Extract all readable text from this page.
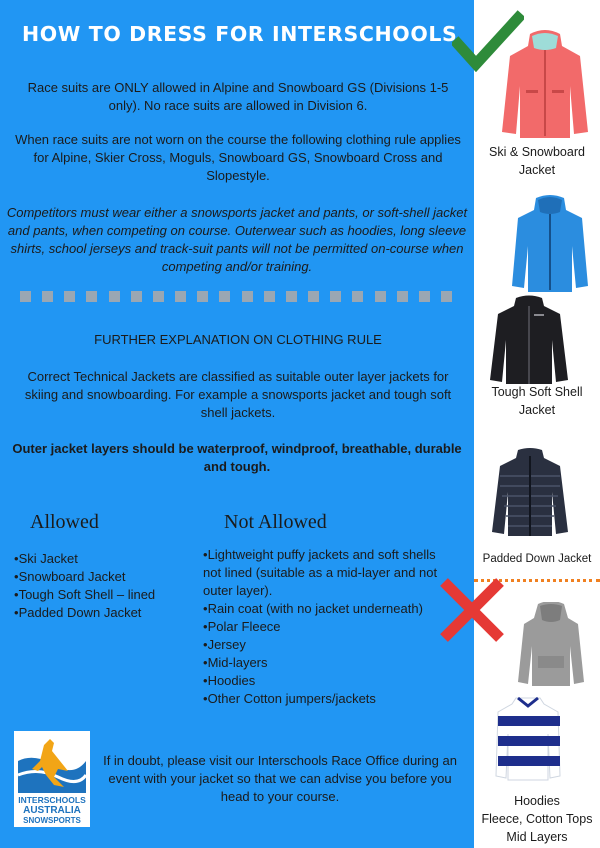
HOW TO DRESS FOR INTERSCHOOLS
Race suits are ONLY allowed in Alpine and Snowboard GS (Divisions 1-5 only). No race suits are allowed in Division 6.
When race suits are not worn on the course the following clothing rule applies for Alpine, Skier Cross, Moguls, Snowboard GS, Snowboard Cross and Slopestyle.
Competitors must wear either a snowsports jacket and pants, or soft-shell jacket and pants, when competing on course. Outerwear such as hoodies, long sleeve shirts, school jerseys and track-suit pants will not be permitted on-course when competing and/or training.
FURTHER EXPLANATION ON CLOTHING RULE
Correct Technical Jackets are classified as suitable outer layer jackets for skiing and snowboarding. For example a snowsports jacket and tough soft shell jackets.
Outer jacket layers should be waterproof, windproof, breathable, durable and tough.
Allowed	Not Allowed
• Ski Jacket
• Snowboard Jacket
• Tough Soft Shell – lined
• Padded Down Jacket
• Lightweight puffy jackets and soft shells not lined (suitable as a mid-layer and not outer layer).
• Rain coat (with no jacket underneath)
• Polar Fleece
• Jersey
• Mid-layers
• Hoodies
• Other Cotton jumpers/jackets
INTERSCHOOLS
AUSTRALIA
SNOWSPORTS
If in doubt, please visit our Interschools Race Office during an event with your jacket so that we can advise you before you head to your course.
Ski & Snowboard Jacket
Tough Soft Shell Jacket
Padded Down Jacket
Hoodies
Fleece, Cotton Tops
Mid Layers
